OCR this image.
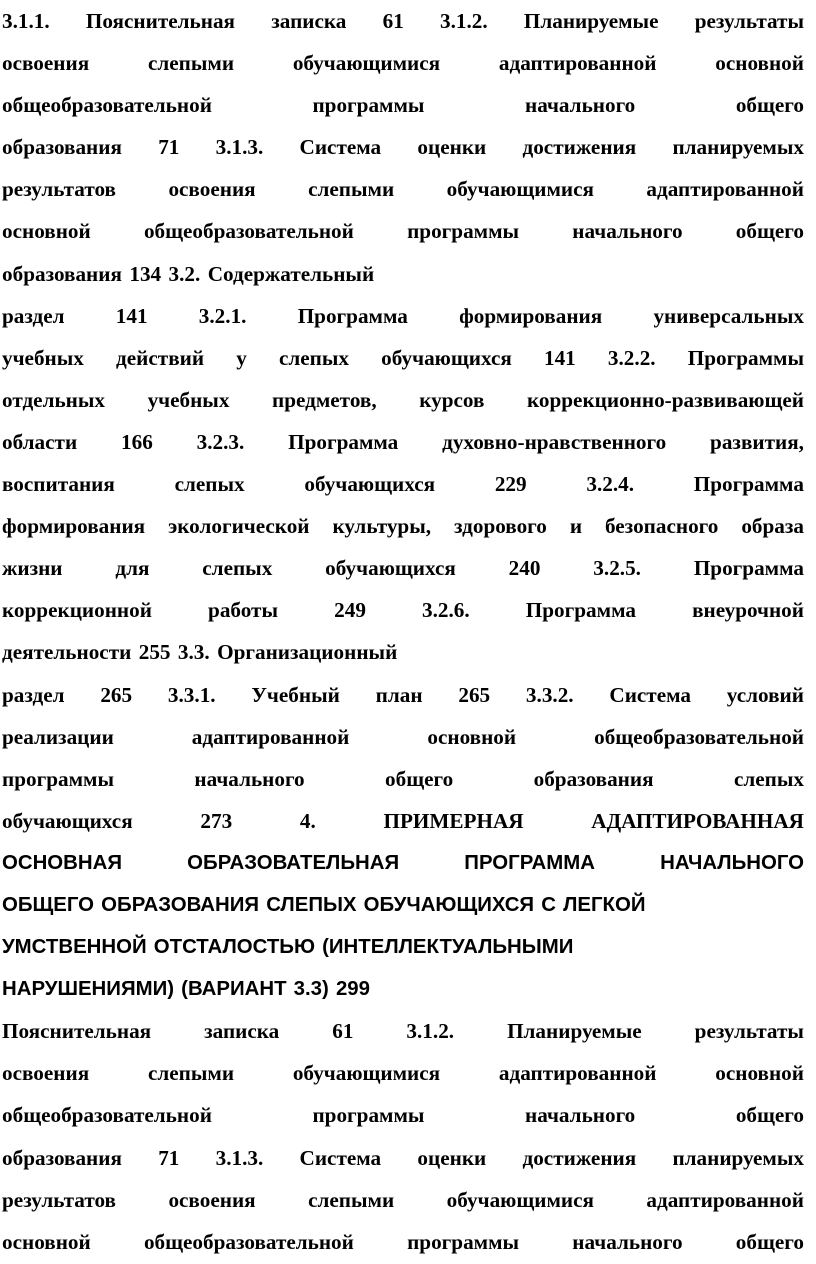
3.1.1. Пояснительная записка 61 3.1.2. Планируемые результаты
освоения	слепыми	обучающимися	адаптированной	основной
общеобразовательной	программы	начального	общего
образования 71 3.1.3. Система оценки достижения планируемых
результатов освоения слепыми обучающимися адаптированной
основной	общеобразовательной	программы	начального	общего
образования 134 3.2. Содержательный
раздел 141 3.2.1. Программа формирования универсальных
учебных действий у слепых обучающихся 141 3.2.2. Программы
отдельных учебных предметов, курсов коррекционно-развивающей
области 166 3.2.3. Программа духовно-нравственного развития,
воспитания	слепых	обучающихся	229	3.2.4.	Программа
формирования экологической культуры, здорового и безопасного образа
жизни для слепых обучающихся 240 3.2.5. Программа
коррекционной	работы	249	3.2.6.	Программа	внеурочной
деятельности 255 3.3. Организационный
раздел 265 3.3.1. Учебный план 265 3.3.2. Система условий
реализации	адаптированной	основной	общеобразовательной
программы	начального	общего	образования	слепых
обучающихся	273	4.	ПРИМЕРНАЯ	АДАПТИРОВАННАЯ
ОСНОВНАЯ	ОБРАЗОВАТЕЛЬНАЯ	ПРОГРАММА	НАЧАЛЬНОГО
ОБЩЕГО ОБРАЗОВАНИЯ СЛЕПЫХ ОБУЧАЮЩИХСЯ С ЛЕГКОЙ
УМСТВЕННОЙ ОТСТАЛОСТЬЮ (ИНТЕЛЛЕКТУАЛЬНЫМИ
НАРУШЕНИЯМИ) (ВАРИАНТ 3.3) 299
Пояснительная записка 61 3.1.2. Планируемые результаты
освоения	слепыми	обучающимися	адаптированной	основной
общеобразовательной	программы	начального	общего
образования 71 3.1.3. Система оценки достижения планируемых
результатов освоения слепыми обучающимися адаптированной
основной	общеобразовательной	программы	начального	общего
